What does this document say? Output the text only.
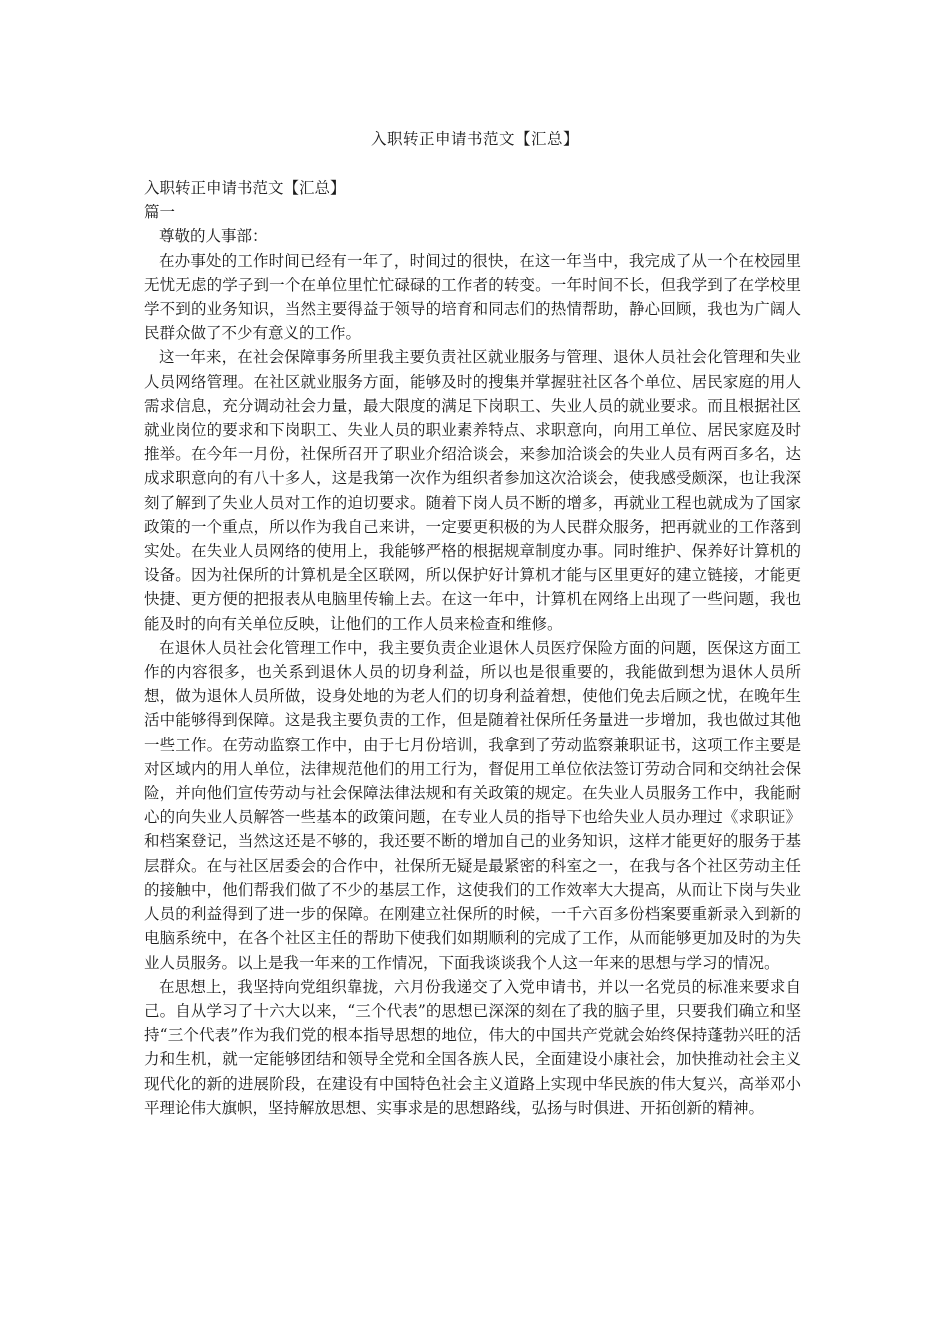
入职转正申请书范文【汇总】

入职转正申请书范文【汇总】

篇一

尊敬的人事部：

在办事处的工作时间已经有一年了，时间过的很快，在这一年当中，我完成了从一个在校园里无忧无虑的学子到一个在单位里忙忙碌碌的工作者的转变。一年时间不长，但我学到了在学校里学不到的业务知识，当然主要得益于领导的培育和同志们的热情帮助，静心回顾，我也为广阔人民群众做了不少有意义的工作。

这一年来，在社会保障事务所里我主要负责社区就业服务与管理、退休人员社会化管理和失业人员网络管理。在社区就业服务方面，能够及时的搜集并掌握驻社区各个单位、居民家庭的用人需求信息，充分调动社会力量，最大限度的满足下岗职工、失业人员的就业要求。而且根据社区就业岗位的要求和下岗职工、失业人员的职业素养特点、求职意向，向用工单位、居民家庭及时推举。在今年一月份，社保所召开了职业介绍洽谈会，来参加洽谈会的失业人员有两百多名，达成求职意向的有八十多人，这是我第一次作为组织者参加这次洽谈会，使我感受颇深，也让我深刻了解到了失业人员对工作的迫切要求。随着下岗人员不断的增多，再就业工程也就成为了国家政策的一个重点，所以作为我自己来讲，一定要更积极的为人民群众服务，把再就业的工作落到实处。在失业人员网络的使用上，我能够严格的根据规章制度办事。同时维护、保养好计算机的设备。因为社保所的计算机是全区联网，所以保护好计算机才能与区里更好的建立链接，才能更快捷、更方便的把报表从电脑里传输上去。在这一年中，计算机在网络上出现了一些问题，我也能及时的向有关单位反映，让他们的工作人员来检查和维修。

在退休人员社会化管理工作中，我主要负责企业退休人员医疗保险方面的问题，医保这方面工作的内容很多，也关系到退休人员的切身利益，所以也是很重要的，我能做到想为退休人员所想，做为退休人员所做，设身处地的为老人们的切身利益着想，使他们免去后顾之忧，在晚年生活中能够得到保障。这是我主要负责的工作，但是随着社保所任务量进一步增加，我也做过其他一些工作。在劳动监察工作中，由于七月份培训，我拿到了劳动监察兼职证书，这项工作主要是对区域内的用人单位，法律规范他们的用工行为，督促用工单位依法签订劳动合同和交纳社会保险，并向他们宣传劳动与社会保障法律法规和有关政策的规定。在失业人员服务工作中，我能耐心的向失业人员解答一些基本的政策问题，在专业人员的指导下也给失业人员办理过《求职证》和档案登记，当然这还是不够的，我还要不断的增加自己的业务知识，这样才能更好的服务于基层群众。在与社区居委会的合作中，社保所无疑是最紧密的科室之一，在我与各个社区劳动主任的接触中，他们帮我们做了不少的基层工作，这使我们的工作效率大大提高，从而让下岗与失业人员的利益得到了进一步的保障。在刚建立社保所的时候，一千六百多份档案要重新录入到新的电脑系统中，在各个社区主任的帮助下使我们如期顺利的完成了工作，从而能够更加及时的为失业人员服务。以上是我一年来的工作情况，下面我谈谈我个人这一年来的思想与学习的情况。

在思想上，我坚持向党组织靠拢，六月份我递交了入党申请书，并以一名党员的标准来要求自己。自从学习了十六大以来，“三个代表”的思想已深深的刻在了我的脑子里，只要我们确立和坚持“三个代表”作为我们党的根本指导思想的地位，伟大的中国共产党就会始终保持蓬勃兴旺的活力和生机，就一定能够团结和领导全党和全国各族人民，全面建设小康社会，加快推动社会主义现代化的新的进展阶段，在建设有中国特色社会主义道路上实现中华民族的伟大复兴，高举邓小平理论伟大旗帜，坚持解放思想、实事求是的思想路线，弘扬与时俱进、开拓创新的精神。
